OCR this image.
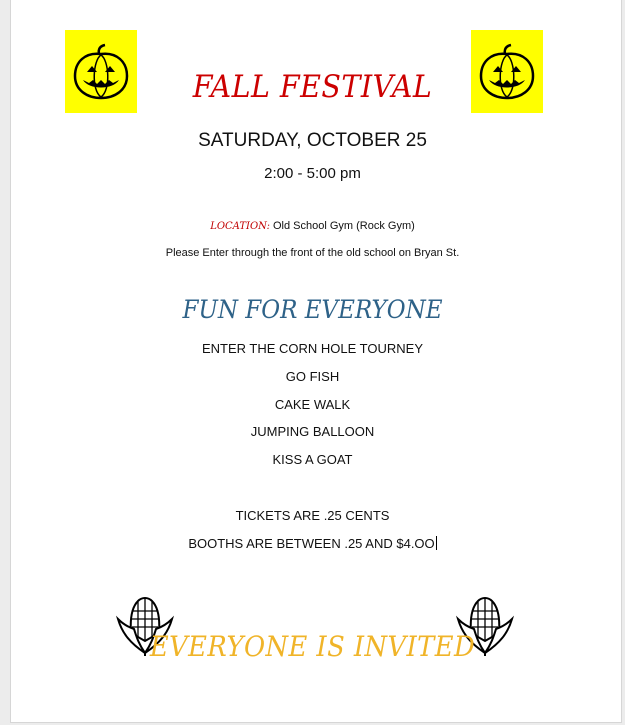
FALL FESTIVAL
SATURDAY, OCTOBER 25
2:00 - 5:00 pm
LOCATION: Old School Gym (Rock Gym)
Please Enter through the front of the old school on Bryan St.
FUN FOR EVERYONE
ENTER THE CORN HOLE TOURNEY
GO FISH
CAKE WALK
JUMPING BALLOON
KISS A GOAT
TICKETS ARE .25 CENTS
BOOTHS ARE BETWEEN .25 AND $4.OO
EVERYONE IS INVITED
